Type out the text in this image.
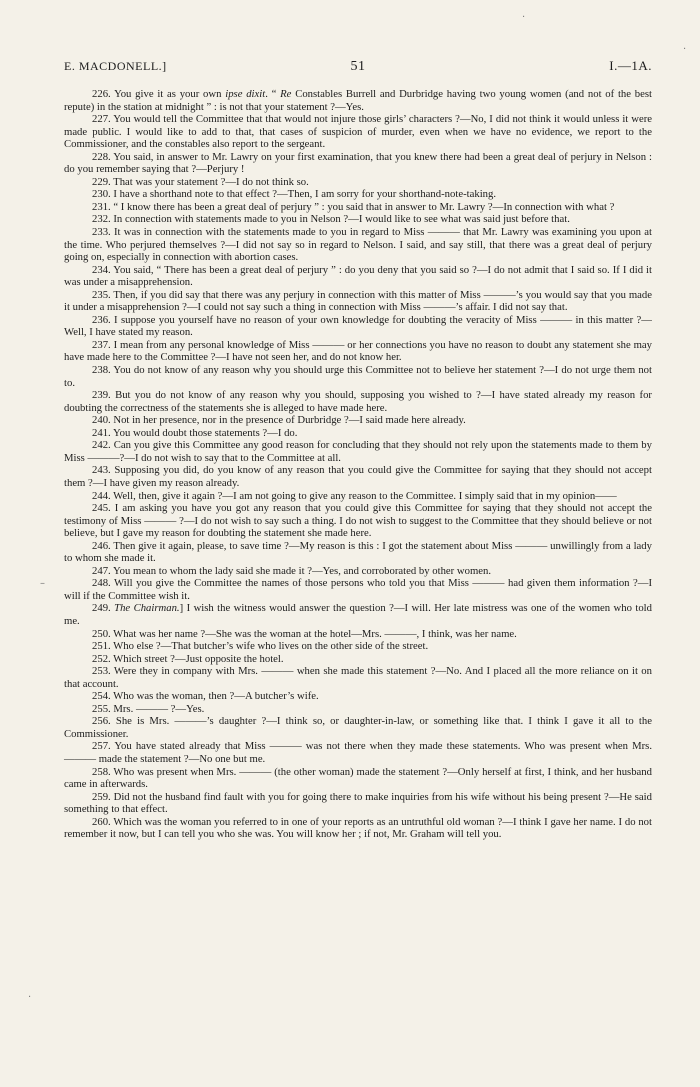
E. MACDONELL.]	51	I.—1A.

226. You give it as your own ipse dixit. “ Re Constables Burrell and Durbridge having two young women (and not of the best repute) in the station at midnight ” : is not that your statement ?—Yes.

227. You would tell the Committee that that would not injure those girls’ characters ?—No, I did not think it would unless it were made public. I would like to add to that, that cases of suspicion of murder, even when we have no evidence, we report to the Commissioner, and the constables also report to the sergeant.

228. You said, in answer to Mr. Lawry on your first examination, that you knew there had been a great deal of perjury in Nelson : do you remember saying that ?—Perjury !

229. That was your statement ?—I do not think so.

230. I have a shorthand note to that effect ?—Then, I am sorry for your shorthand-note-taking.

231. “ I know there has been a great deal of perjury ” : you said that in answer to Mr. Lawry ?—In connection with what ?

232. In connection with statements made to you in Nelson ?—I would like to see what was said just before that.

233. It was in connection with the statements made to you in regard to Miss ——— that Mr. Lawry was examining you upon at the time. Who perjured themselves ?—I did not say so in regard to Nelson. I said, and say still, that there was a great deal of perjury going on, especially in connection with abortion cases.

234. You said, “ There has been a great deal of perjury ” : do you deny that you said so ?—I do not admit that I said so. If I did it was under a misapprehension.

235. Then, if you did say that there was any perjury in connection with this matter of Miss ———’s you would say that you made it under a misapprehension ?—I could not say such a thing in connection with Miss ———’s affair. I did not say that.

236. I suppose you yourself have no reason of your own knowledge for doubting the veracity of Miss ——— in this matter ?—Well, I have stated my reason.

237. I mean from any personal knowledge of Miss ——— or her connections you have no reason to doubt any statement she may have made here to the Committee ?—I have not seen her, and do not know her.

238. You do not know of any reason why you should urge this Committee not to believe her statement ?—I do not urge them not to.

239. But you do not know of any reason why you should, supposing you wished to ?—I have stated already my reason for doubting the correctness of the statements she is alleged to have made here.

240. Not in her presence, nor in the presence of Durbridge ?—I said made here already.

241. You would doubt those statements ?—I do.

242. Can you give this Committee any good reason for concluding that they should not rely upon the statements made to them by Miss ———?—I do not wish to say that to the Committee at all.

243. Supposing you did, do you know of any reason that you could give the Committee for saying that they should not accept them ?—I have given my reason already.

244. Well, then, give it again ?—I am not going to give any reason to the Committee. I simply said that in my opinion——

245. I am asking you have you got any reason that you could give this Committee for saying that they should not accept the testimony of Miss ——— ?—I do not wish to say such a thing. I do not wish to suggest to the Committee that they should believe or not believe, but I gave my reason for doubting the statement she made here.

246. Then give it again, please, to save time ?—My reason is this : I got the statement about Miss ——— unwillingly from a lady to whom she made it.

247. You mean to whom the lady said she made it ?—Yes, and corroborated by other women.

248. Will you give the Committee the names of those persons who told you that Miss ——— had given them information ?—I will if the Committee wish it.

249. The Chairman.] I wish the witness would answer the question ?—I will. Her late mistress was one of the women who told me.

250. What was her name ?—She was the woman at the hotel—Mrs. ———, I think, was her name.

251. Who else ?—That butcher’s wife who lives on the other side of the street.

252. Which street ?—Just opposite the hotel.

253. Were they in company with Mrs. ——— when she made this statement ?—No. And I placed all the more reliance on it on that account.

254. Who was the woman, then ?—A butcher’s wife.

255. Mrs. ——— ?—Yes.

256. She is Mrs. ———’s daughter ?—I think so, or daughter-in-law, or something like that. I think I gave it all to the Commissioner.

257. You have stated already that Miss ——— was not there when they made these statements. Who was present when Mrs. ——— made the statement ?—No one but me.

258. Who was present when Mrs. ——— (the other woman) made the statement ?—Only herself at first, I think, and her husband came in afterwards.

259. Did not the husband find fault with you for going there to make inquiries from his wife without his being present ?—He said something to that effect.

260. Which was the woman you referred to in one of your reports as an untruthful old woman ?—I think I gave her name. I do not remember it now, but I can tell you who she was. You will know her ; if not, Mr. Graham will tell you.

·
·
–
·
